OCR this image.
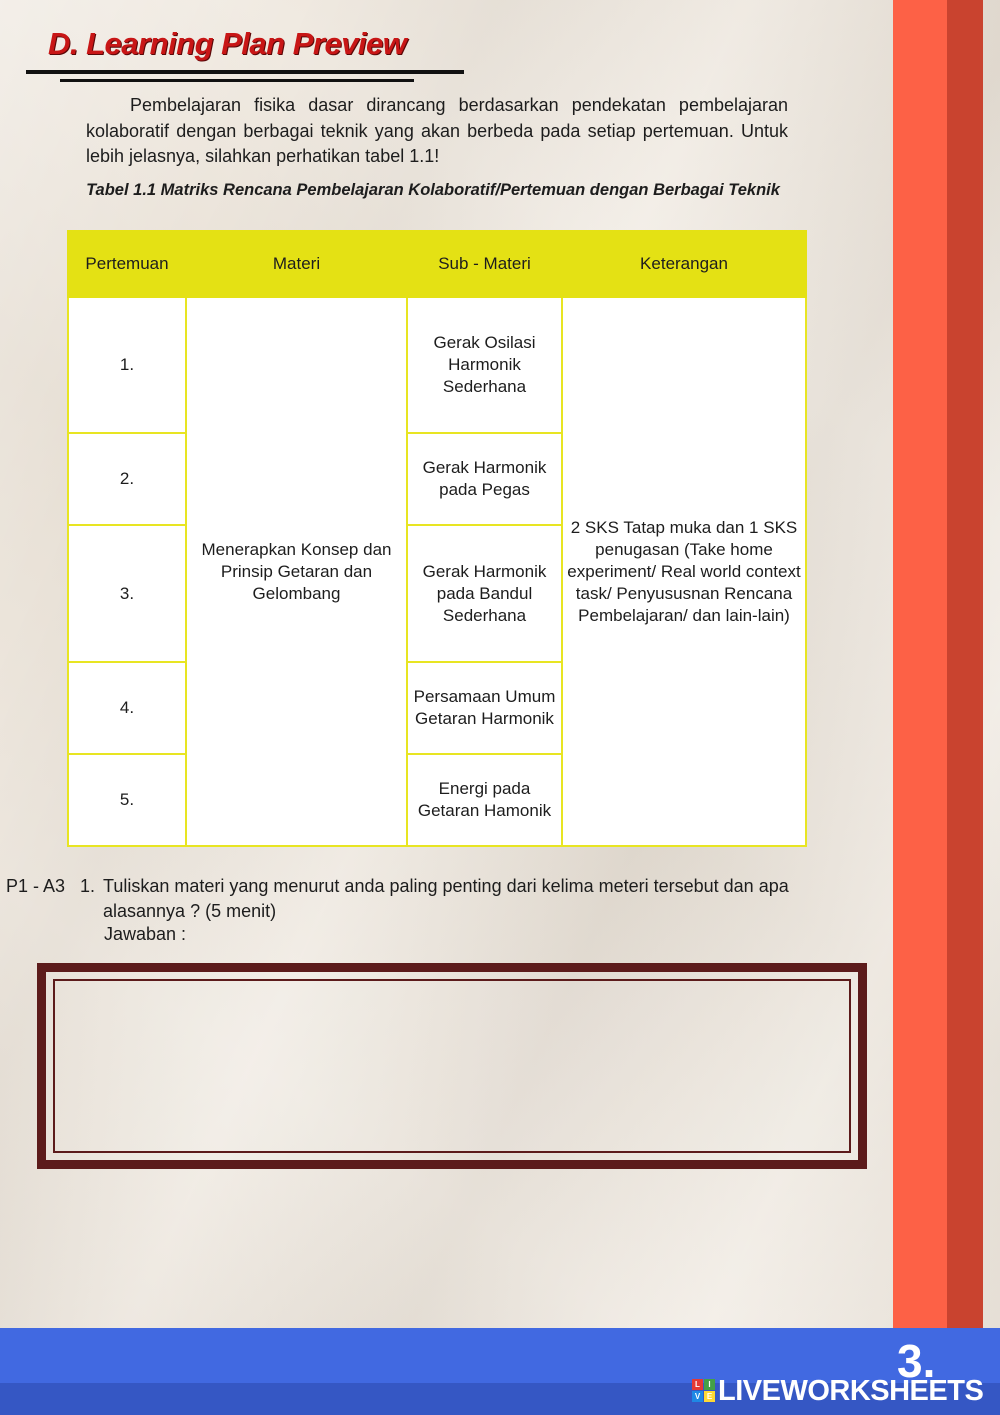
D. Learning Plan Preview

Pembelajaran fisika dasar dirancang berdasarkan pendekatan pembelajaran kolaboratif dengan berbagai teknik yang akan berbeda pada setiap pertemuan. Untuk lebih jelasnya, silahkan perhatikan tabel 1.1!

Tabel 1.1 Matriks Rencana Pembelajaran Kolaboratif/Pertemuan dengan Berbagai Teknik

Pertemuan	Materi	Sub - Materi	Keterangan
1.	Menerapkan Konsep dan Prinsip Getaran dan Gelombang	Gerak Osilasi Harmonik Sederhana	2 SKS Tatap muka dan 1 SKS penugasan (Take home experiment/ Real world context task/ Penyususnan Rencana Pembelajaran/ dan lain-lain)
2.		Gerak Harmonik pada Pegas	
3.		Gerak Harmonik pada Bandul Sederhana	
4.		Persamaan Umum Getaran Harmonik	
5.		Energi pada Getaran Hamonik	
P1 - A3 1. Tuliskan materi yang menurut anda paling penting dari kelima meteri tersebut dan apa alasannya ? (5 menit)
Jawaban :
3.
L	I
V E LIVEWORKSHEETS
